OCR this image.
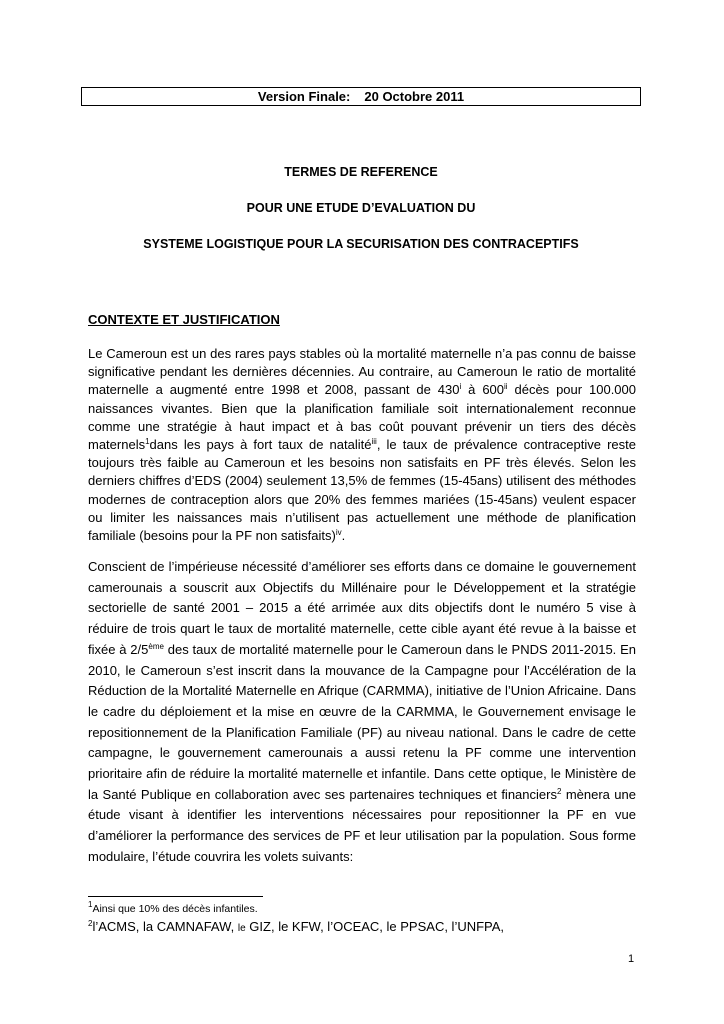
Version Finale: 20 Octobre 2011
TERMES DE REFERENCE
POUR UNE ETUDE D’EVALUATION DU
SYSTEME LOGISTIQUE POUR LA SECURISATION DES CONTRACEPTIFS
CONTEXTE ET JUSTIFICATION

Le Cameroun est un des rares pays stables où la mortalité maternelle n’a pas connu de baisse significative pendant les dernières décennies. Au contraire, au Cameroun le ratio de mortalité maternelle a augmenté entre 1998 et 2008, passant de 430$^i$ à 600$^{ii}$ décès pour 100.000 naissances vivantes. Bien que la planification familiale soit internationalement reconnue comme une stratégie à haut impact et à bas coût pouvant prévenir un tiers des décès maternels$^1$dans les pays à fort taux de natalité$^{iii}$, le taux de prévalence contraceptive reste toujours très faible au Cameroun et les besoins non satisfaits en PF très élevés. Selon les derniers chiffres d’EDS (2004) seulement 13,5% de femmes (15-45ans) utilisent des méthodes modernes de contraception alors que 20% des femmes mariées (15-45ans) veulent espacer ou limiter les naissances mais n’utilisent pas actuellement une méthode de planification familiale (besoins pour la PF non satisfaits)$^{iv}$.

Conscient de l’impérieuse nécessité d’améliorer ses efforts dans ce domaine le gouvernement camerounais a souscrit aux Objectifs du Millénaire pour le Développement et la stratégie sectorielle de santé 2001 – 2015 a été arrimée aux dits objectifs dont le numéro 5 vise à réduire de trois quart le taux de mortalité maternelle, cette cible ayant été revue à la baisse et fixée à 2/5ème des taux de mortalité maternelle pour le Cameroun dans le PNDS 2011-2015. En 2010, le Cameroun s’est inscrit dans la mouvance de la Campagne pour l’Accélération de la Réduction de la Mortalité Maternelle en Afrique (CARMMA), initiative de l’Union Africaine. Dans le cadre du déploiement et la mise en œuvre de la CARMMA, le Gouvernement envisage le repositionnement de la Planification Familiale (PF) au niveau national. Dans le cadre de cette campagne, le gouvernement camerounais a aussi retenu la PF comme une intervention prioritaire afin de réduire la mortalité maternelle et infantile. Dans cette optique, le Ministère de la Santé Publique en collaboration avec ses partenaires techniques et financiers$^2$ mènera une étude visant à identifier les interventions nécessaires pour repositionner la PF en vue d’améliorer la performance des services de PF et leur utilisation par la population. Sous forme modulaire, l’étude couvrira les volets suivants:

$^1$Ainsi que 10% des décès infantiles.
$^2$l’ACMS, la CAMNAFAW, le GIZ, le KFW, l’OCEAC, le PPSAC, l’UNFPA,
1
